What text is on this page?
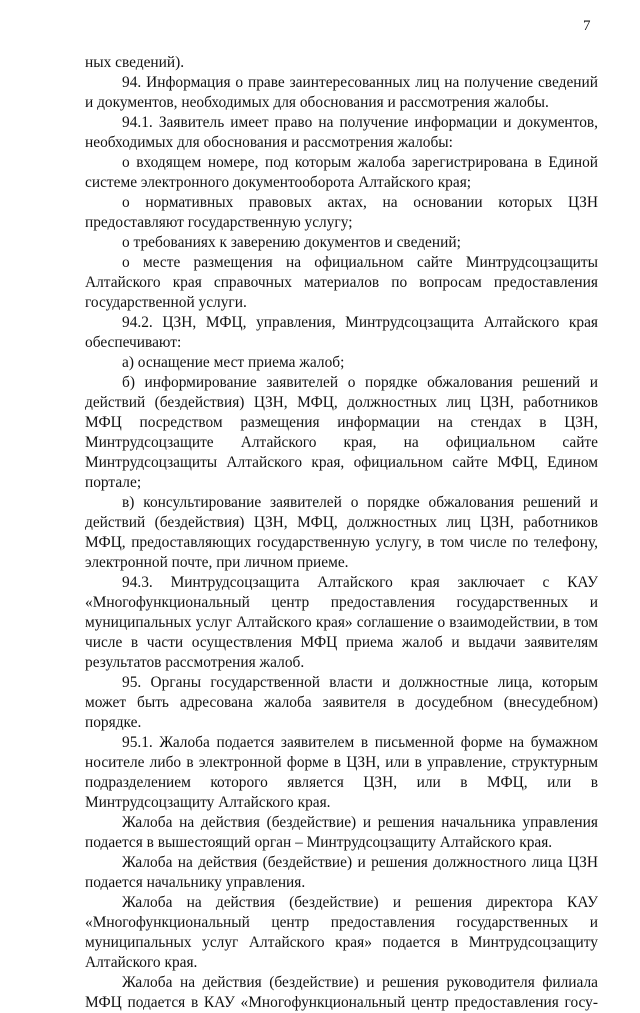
7

ных сведений).

94. Информация о праве заинтересованных лиц на получение сведений и документов, необходимых для обоснования и рассмотрения жалобы.

94.1. Заявитель имеет право на получение информации и документов, необходимых для обоснования и рассмотрения жалобы:

о входящем номере, под которым жалоба зарегистрирована в Единой системе электронного документооборота Алтайского края;

о нормативных правовых актах, на основании которых ЦЗН предоставляют государственную услугу;

о требованиях к заверению документов и сведений;

о месте размещения на официальном сайте Минтрудсоцзащиты Алтайского края справочных материалов по вопросам предоставления государственной услуги.

94.2. ЦЗН, МФЦ, управления, Минтрудсоцзащита Алтайского края обеспечивают:

а) оснащение мест приема жалоб;

б) информирование заявителей о порядке обжалования решений и действий (бездействия) ЦЗН, МФЦ, должностных лиц ЦЗН, работников МФЦ посредством размещения информации на стендах в ЦЗН, Минтрудсоцзащите Алтайского края, на официальном сайте Минтрудсоцзащиты Алтайского края, официальном сайте МФЦ, Едином портале;

в) консультирование заявителей о порядке обжалования решений и действий (бездействия) ЦЗН, МФЦ, должностных лиц ЦЗН, работников МФЦ, предоставляющих государственную услугу, в том числе по телефону, электронной почте, при личном приеме.

94.3. Минтрудсоцзащита Алтайского края заключает с КАУ «Многофункциональный центр предоставления государственных и муниципальных услуг Алтайского края» соглашение о взаимодействии, в том числе в части осуществления МФЦ приема жалоб и выдачи заявителям результатов рассмотрения жалоб.

95. Органы государственной власти и должностные лица, которым может быть адресована жалоба заявителя в досудебном (внесудебном) порядке.

95.1. Жалоба подается заявителем в письменной форме на бумажном носителе либо в электронной форме в ЦЗН, или в управление, структурным подразделением которого является ЦЗН, или в МФЦ, или в Минтрудсоцзащиту Алтайского края.

Жалоба на действия (бездействие) и решения начальника управления подается в вышестоящий орган – Минтрудсоцзащиту Алтайского края.

Жалоба на действия (бездействие) и решения должностного лица ЦЗН подается начальнику управления.

Жалоба на действия (бездействие) и решения директора КАУ «Многофункциональный центр предоставления государственных и муниципальных услуг Алтайского края» подается в Минтрудсоцзащиту Алтайского края.

Жалоба на действия (бездействие) и решения руководителя филиала МФЦ подается в КАУ «Многофункциональный центр предоставления госу-
